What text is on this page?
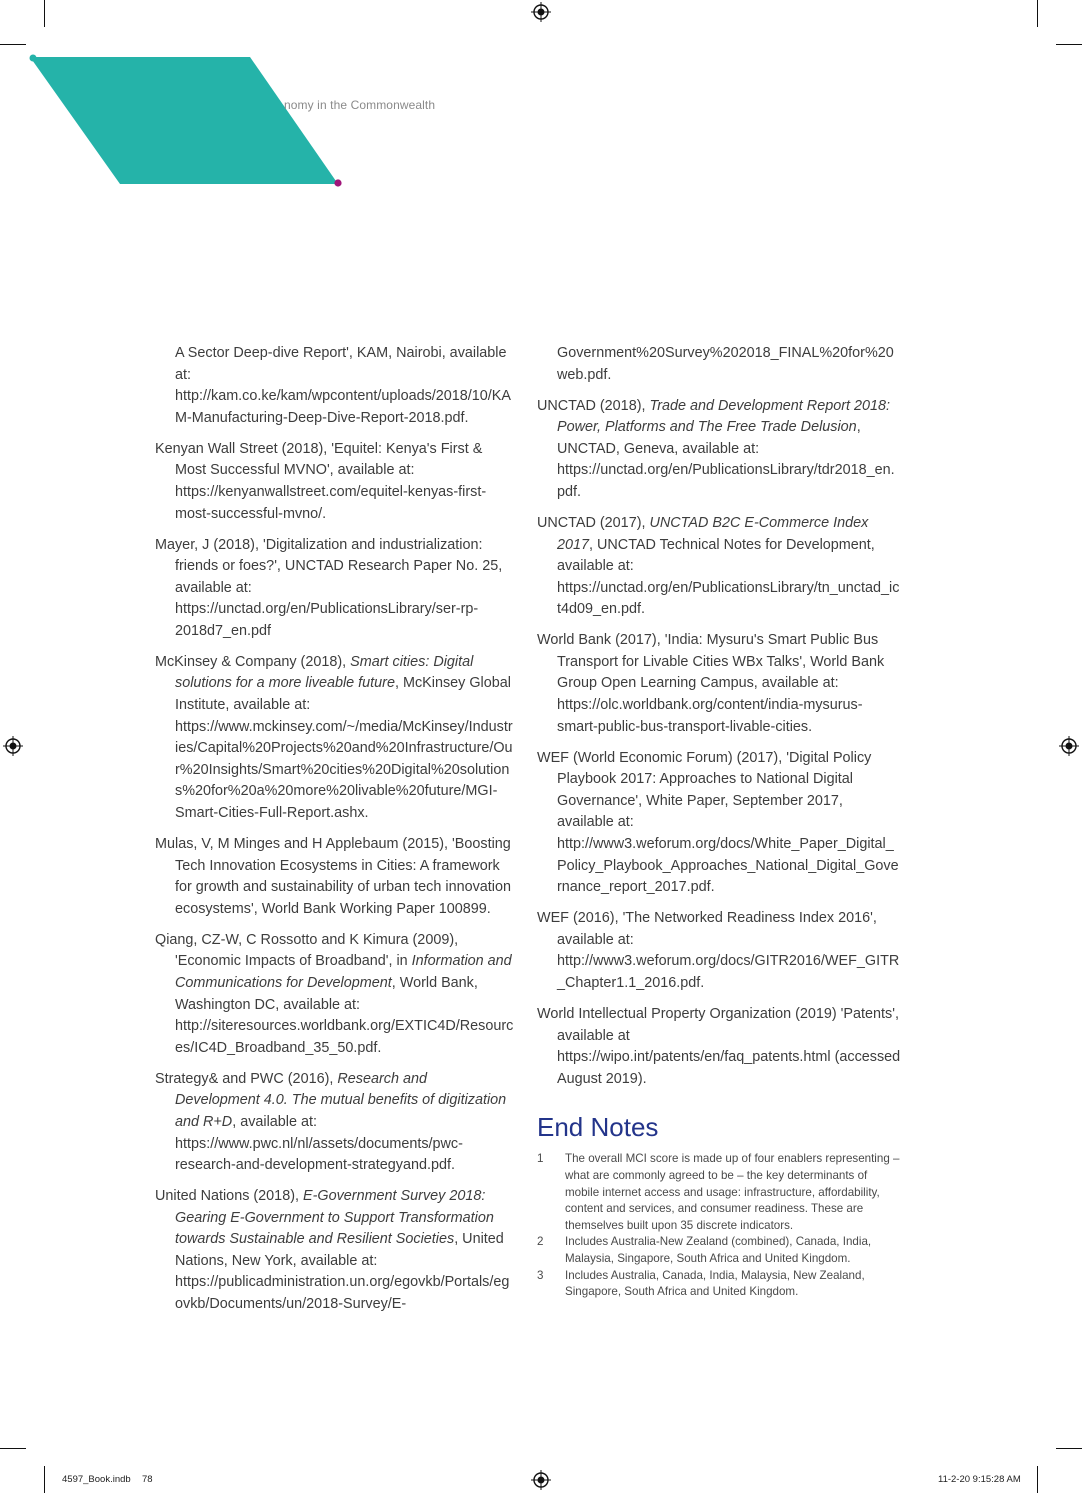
nomy in the Commonwealth
A Sector Deep-dive Report', KAM, Nairobi, available at: http://kam.co.ke/kam/wpcontent/uploads/2018/10/KAM-Manufacturing-Deep-Dive-Report-2018.pdf.
Kenyan Wall Street (2018), 'Equitel: Kenya's First & Most Successful MVNO', available at: https://kenyanwallstreet.com/equitel-kenyas-first-most-successful-mvno/.
Mayer, J (2018), 'Digitalization and industrialization: friends or foes?', UNCTAD Research Paper No. 25, available at: https://unctad.org/en/PublicationsLibrary/ser-rp-2018d7_en.pdf
McKinsey & Company (2018), Smart cities: Digital solutions for a more liveable future, McKinsey Global Institute, available at: https://www.mckinsey.com/~/media/McKinsey/Industries/Capital%20Projects%20and%20Infrastructure/Our%20Insights/Smart%20cities%20Digital%20solutions%20for%20a%20more%20livable%20future/MGI-Smart-Cities-Full-Report.ashx.
Mulas, V, M Minges and H Applebaum (2015), 'Boosting Tech Innovation Ecosystems in Cities: A framework for growth and sustainability of urban tech innovation ecosystems', World Bank Working Paper 100899.
Qiang, CZ-W, C Rossotto and K Kimura (2009), 'Economic Impacts of Broadband', in Information and Communications for Development, World Bank, Washington DC, available at: http://siteresources.worldbank.org/EXTIC4D/Resources/IC4D_Broadband_35_50.pdf.
Strategy& and PWC (2016), Research and Development 4.0. The mutual benefits of digitization and R+D, available at: https://www.pwc.nl/nl/assets/documents/pwc-research-and-development-strategyand.pdf.
United Nations (2018), E-Government Survey 2018: Gearing E-Government to Support Transformation towards Sustainable and Resilient Societies, United Nations, New York, available at: https://publicadministration.un.org/egovkb/Portals/egovkb/Documents/un/2018-Survey/E-
Government%20Survey%202018_FINAL%20for%20web.pdf.
UNCTAD (2018), Trade and Development Report 2018: Power, Platforms and The Free Trade Delusion, UNCTAD, Geneva, available at: https://unctad.org/en/PublicationsLibrary/tdr2018_en.pdf.
UNCTAD (2017), UNCTAD B2C E-Commerce Index 2017, UNCTAD Technical Notes for Development, available at: https://unctad.org/en/PublicationsLibrary/tn_unctad_ict4d09_en.pdf.
World Bank (2017), 'India: Mysuru's Smart Public Bus Transport for Livable Cities WBx Talks', World Bank Group Open Learning Campus, available at: https://olc.worldbank.org/content/india-mysurus-smart-public-bus-transport-livable-cities.
WEF (World Economic Forum) (2017), 'Digital Policy Playbook 2017: Approaches to National Digital Governance', White Paper, September 2017, available at: http://www3.weforum.org/docs/White_Paper_Digital_Policy_Playbook_Approaches_National_Digital_Governance_report_2017.pdf.
WEF (2016), 'The Networked Readiness Index 2016', available at: http://www3.weforum.org/docs/GITR2016/WEF_GITR_Chapter1.1_2016.pdf.
World Intellectual Property Organization (2019) 'Patents', available at https://wipo.int/patents/en/faq_patents.html (accessed August 2019).
End Notes
1	The overall MCI score is made up of four enablers representing – what are commonly agreed to be – the key determinants of mobile internet access and usage: infrastructure, affordability, content and services, and consumer readiness. These are themselves built upon 35 discrete indicators.
2	Includes Australia-New Zealand (combined), Canada, India, Malaysia, Singapore, South Africa and United Kingdom.
3	Includes Australia, Canada, India, Malaysia, New Zealand, Singapore, South Africa and United Kingdom.
4597_Book.indb 78	11-2-20 9:15:28 AM
